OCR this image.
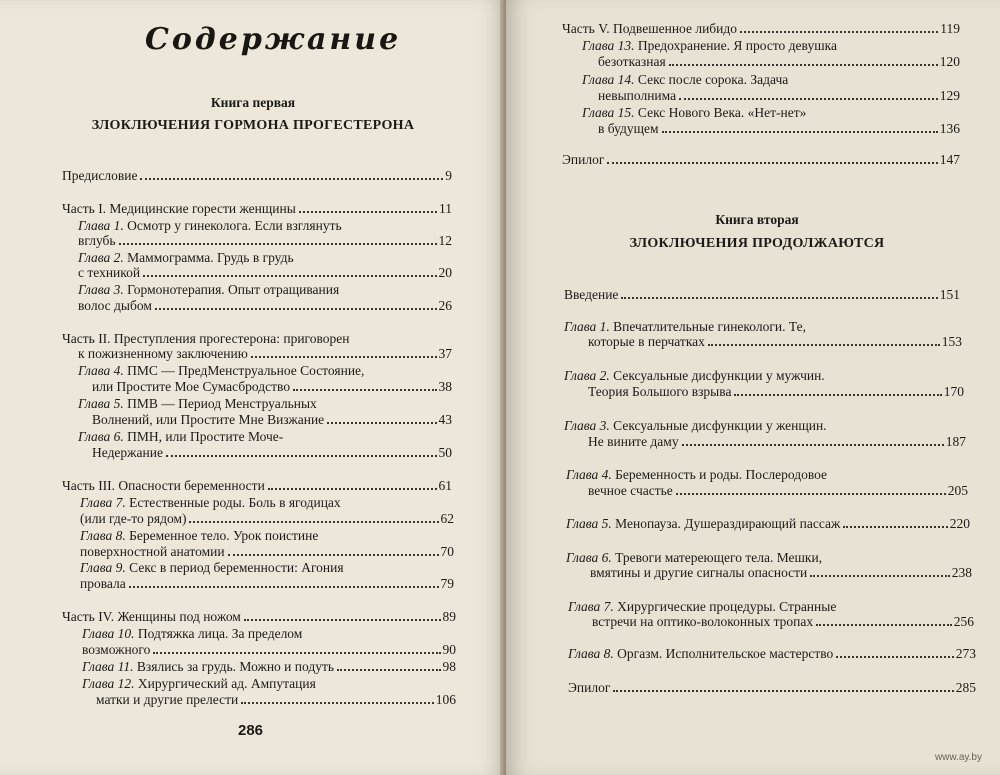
Содержание
Книга первая
ЗЛОКЛЮЧЕНИЯ ГОРМОНА ПРОГЕСТЕРОНА
Предисловие	9
Часть I. Медицинские горести женщины	11
Глава 1. Осмотр у гинеколога. Если взглянуть
вглубь	12
Глава 2. Маммограмма. Грудь в грудь
с техникой	20
Глава 3. Гормонотерапия. Опыт отращивания
волос дыбом	26
Часть II. Преступления прогестерона: приговорен
к пожизненному заключению	37
Глава 4. ПМС — ПредМенструальное Состояние,
или Простите Мое Сумасбродство	38
Глава 5. ПМВ — Период Менструальных
Волнений, или Простите Мне Визжание	43
Глава 6. ПМН, или Простите Моче-
Недержание	50
Часть III. Опасности беременности	61
Глава 7. Естественные роды. Боль в ягодицах
(или где-то рядом)	62
Глава 8. Беременное тело. Урок поистине
поверхностной анатомии	70
Глава 9. Секс в период беременности: Агония
провала	79
Часть IV. Женщины под ножом	89
Глава 10. Подтяжка лица. За пределом
возможного	90
Глава 11. Взялись за грудь. Можно и подуть	98
Глава 12. Хирургический ад. Ампутация
матки и другие прелести	106
286
Часть V. Подвешенное либидо	119
Глава 13. Предохранение. Я просто девушка
безотказная	120
Глава 14. Секс после сорока. Задача
невыполнима	129
Глава 15. Секс Нового Века. «Нет-нет»
в будущем	136
Эпилог	147
Книга вторая
ЗЛОКЛЮЧЕНИЯ ПРОДОЛЖАЮТСЯ
Введение	151
Глава 1. Впечатлительные гинекологи. Те,
которые в перчатках	153
Глава 2. Сексуальные дисфункции у мужчин.
Теория Большого взрыва	170
Глава 3. Сексуальные дисфункции у женщин.
Не вините даму	187
Глава 4. Беременность и роды. Послеродовое
вечное счастье	205
Глава 5. Менопауза. Душераздирающий пассаж	220
Глава 6. Тревоги матереющего тела. Мешки,
вмятины и другие сигналы опасности	238
Глава 7. Хирургические процедуры. Странные
встречи на оптико-волоконных тропах	256
Глава 8. Оргазм. Исполнительское мастерство	273
Эпилог	285
www.ay.by
